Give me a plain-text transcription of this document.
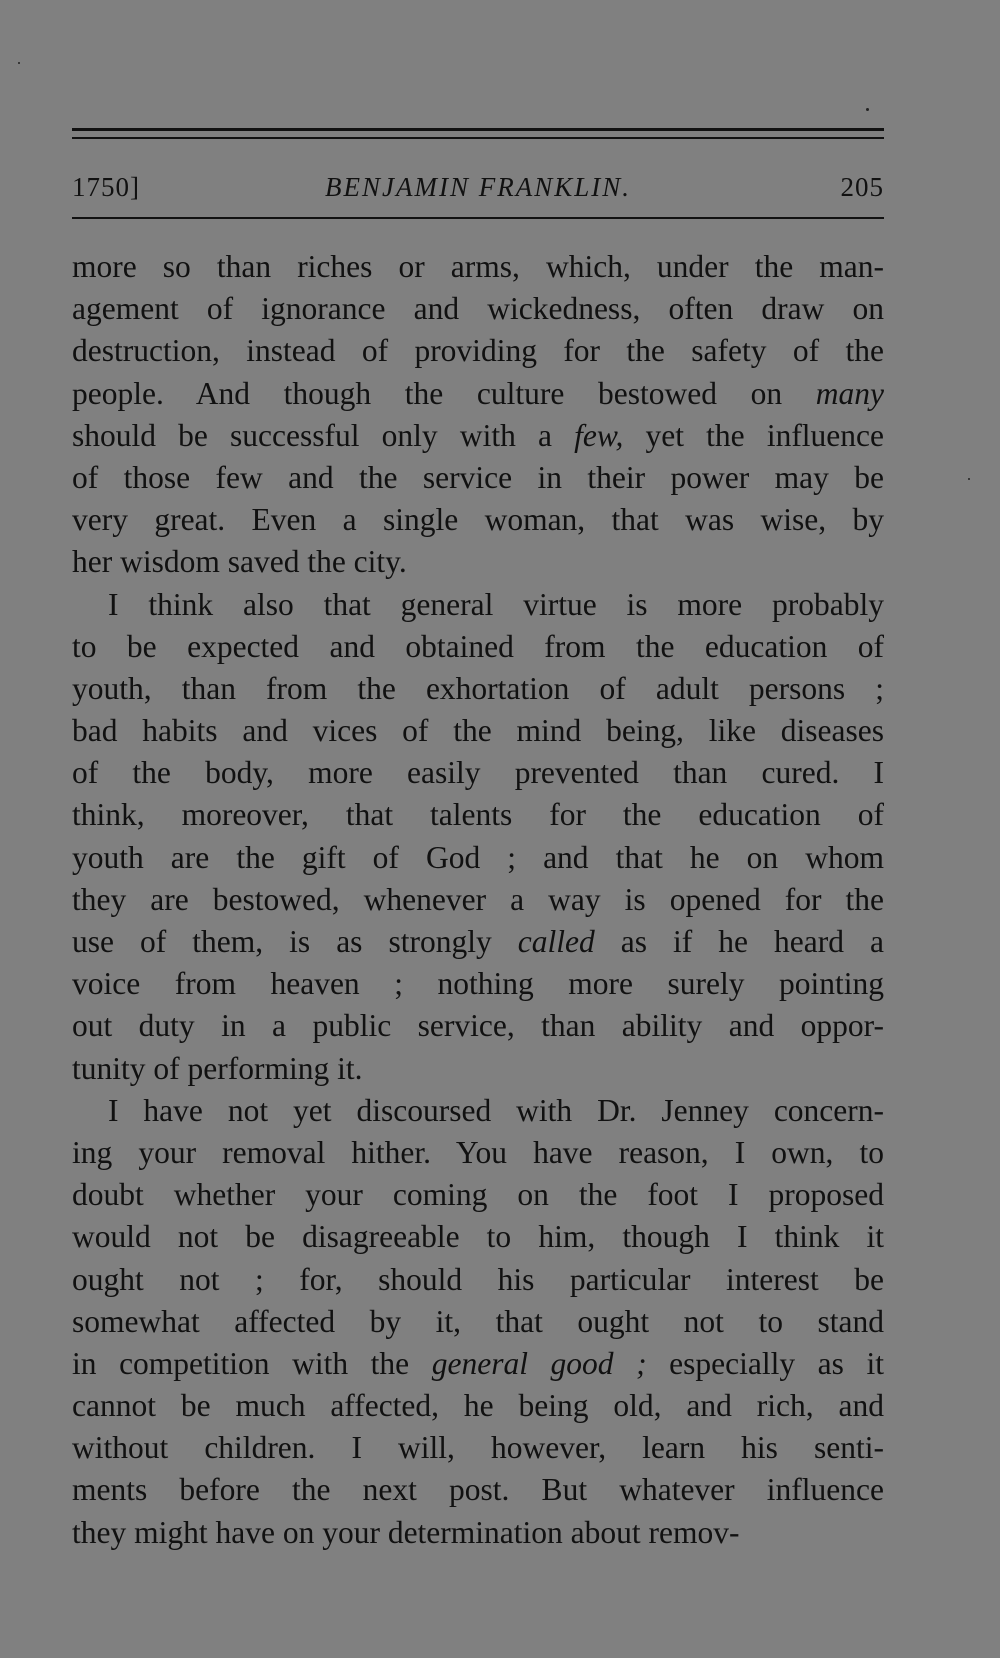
1750]	BENJAMIN FRANKLIN.	205
more so than riches or arms, which, under the man-
agement of ignorance and wickedness, often draw on
destruction, instead of providing for the safety of the
people. And though the culture bestowed on many
should be successful only with a few, yet the influence
of those few and the service in their power may be
very great. Even a single woman, that was wise, by
her wisdom saved the city.
I think also that general virtue is more probably
to be expected and obtained from the education of
youth, than from the exhortation of adult persons ;
bad habits and vices of the mind being, like diseases
of the body, more easily prevented than cured. I
think, moreover, that talents for the education of
youth are the gift of God ; and that he on whom
they are bestowed, whenever a way is opened for the
use of them, is as strongly called as if he heard a
voice from heaven ; nothing more surely pointing
out duty in a public service, than ability and oppor-
tunity of performing it.
I have not yet discoursed with Dr. Jenney concern-
ing your removal hither. You have reason, I own, to
doubt whether your coming on the foot I proposed
would not be disagreeable to him, though I think it
ought not ; for, should his particular interest be
somewhat affected by it, that ought not to stand
in competition with the general good ; especially as it
cannot be much affected, he being old, and rich, and
without children. I will, however, learn his senti-
ments before the next post. But whatever influence
they might have on your determination about remov-
